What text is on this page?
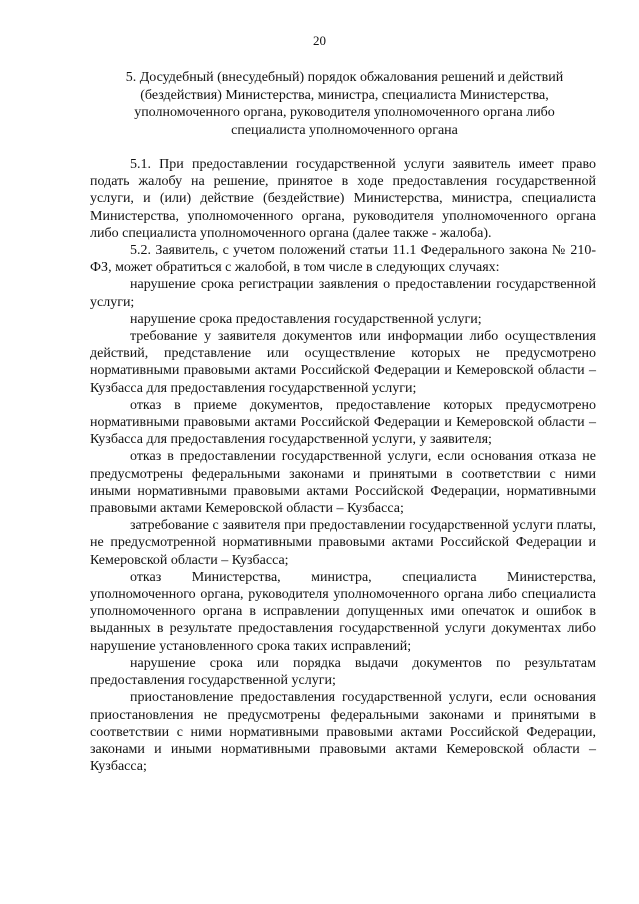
20
5. Досудебный (внесудебный) порядок обжалования решений и действий (бездействия) Министерства, министра, специалиста Министерства, уполномоченного органа, руководителя уполномоченного органа либо специалиста уполномоченного органа

5.1. При предоставлении государственной услуги заявитель имеет право подать жалобу на решение, принятое в ходе предоставления государственной услуги, и (или) действие (бездействие) Министерства, министра, специалиста Министерства, уполномоченного органа, руководителя уполномоченного органа либо специалиста уполномоченного органа (далее также - жалоба).

5.2. Заявитель, с учетом положений статьи 11.1 Федерального закона № 210-ФЗ, может обратиться с жалобой, в том числе в следующих случаях:

нарушение срока регистрации заявления о предоставлении государственной услуги;

нарушение срока предоставления государственной услуги;

требование у заявителя документов или информации либо осуществления действий, представление или осуществление которых не предусмотрено нормативными правовыми актами Российской Федерации и Кемеровской области – Кузбасса для предоставления государственной услуги;

отказ в приеме документов, предоставление которых предусмотрено нормативными правовыми актами Российской Федерации и Кемеровской области – Кузбасса для предоставления государственной услуги, у заявителя;

отказ в предоставлении государственной услуги, если основания отказа не предусмотрены федеральными законами и принятыми в соответствии с ними иными нормативными правовыми актами Российской Федерации, нормативными правовыми актами Кемеровской области – Кузбасса;

затребование с заявителя при предоставлении государственной услуги платы, не предусмотренной нормативными правовыми актами Российской Федерации и Кемеровской области – Кузбасса;

отказ Министерства, министра, специалиста Министерства, уполномоченного органа, руководителя уполномоченного органа либо специалиста уполномоченного органа в исправлении допущенных ими опечаток и ошибок в выданных в результате предоставления государственной услуги документах либо нарушение установленного срока таких исправлений;

нарушение срока или порядка выдачи документов по результатам предоставления государственной услуги;

приостановление предоставления государственной услуги, если основания приостановления не предусмотрены федеральными законами и принятыми в соответствии с ними нормативными правовыми актами Российской Федерации, законами и иными нормативными правовыми актами Кемеровской области – Кузбасса;
